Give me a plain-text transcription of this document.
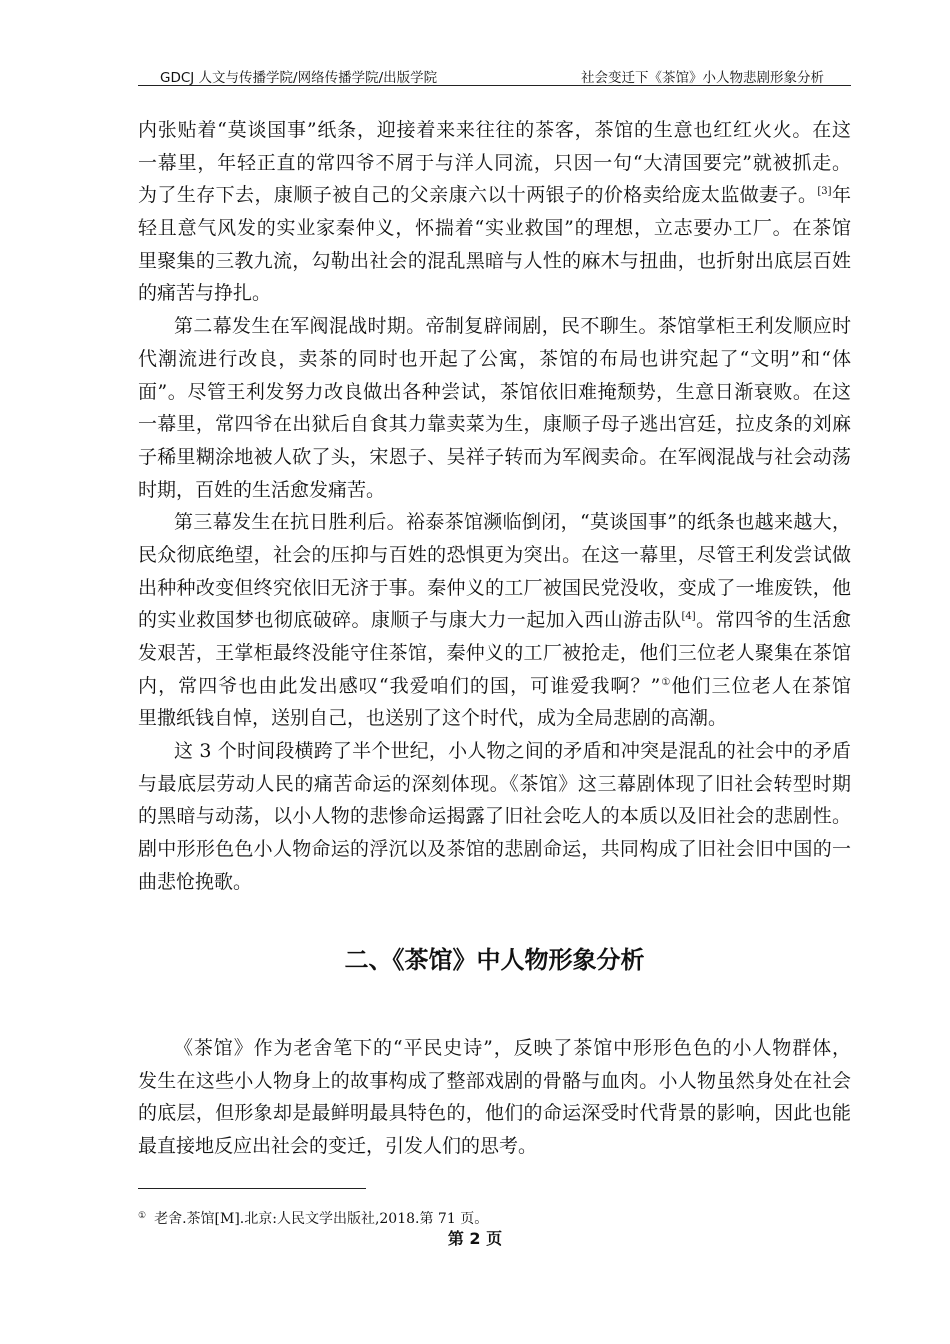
GDCJ 人文与传播学院/网络传播学院/出版学院	社会变迁下《茶馆》小人物悲剧形象分析
内张贴着“莫谈国事”纸条，迎接着来来往往的茶客，茶馆的生意也红红火火。在这
一幕里，年轻正直的常四爷不屑于与洋人同流，只因一句“大清国要完”就被抓走。
为了生存下去，康顺子被自己的父亲康六以十两银子的价格卖给庞太监做妻子。[3]年
轻且意气风发的实业家秦仲义，怀揣着“实业救国”的理想，立志要办工厂。在茶馆
里聚集的三教九流，勾勒出社会的混乱黑暗与人性的麻木与扭曲，也折射出底层百姓
的痛苦与挣扎。
第二幕发生在军阀混战时期。帝制复辟闹剧，民不聊生。茶馆掌柜王利发顺应时
代潮流进行改良，卖茶的同时也开起了公寓，茶馆的布局也讲究起了“文明”和“体
面”。尽管王利发努力改良做出各种尝试，茶馆依旧难掩颓势，生意日渐衰败。在这
一幕里，常四爷在出狱后自食其力靠卖菜为生，康顺子母子逃出宫廷，拉皮条的刘麻
子稀里糊涂地被人砍了头，宋恩子、吴祥子转而为军阀卖命。在军阀混战与社会动荡
时期，百姓的生活愈发痛苦。
第三幕发生在抗日胜利后。裕泰茶馆濒临倒闭，“莫谈国事”的纸条也越来越大，
民众彻底绝望，社会的压抑与百姓的恐惧更为突出。在这一幕里，尽管王利发尝试做
出种种改变但终究依旧无济于事。秦仲义的工厂被国民党没收，变成了一堆废铁，他
的实业救国梦也彻底破碎。康顺子与康大力一起加入西山游击队[4]。常四爷的生活愈
发艰苦，王掌柜最终没能守住茶馆，秦仲义的工厂被抢走，他们三位老人聚集在茶馆
内，常四爷也由此发出感叹“我爱咱们的国，可谁爱我啊？”①他们三位老人在茶馆
里撒纸钱自悼，送别自己，也送别了这个时代，成为全局悲剧的高潮。
这 3 个时间段横跨了半个世纪，小人物之间的矛盾和冲突是混乱的社会中的矛盾
与最底层劳动人民的痛苦命运的深刻体现。《茶馆》这三幕剧体现了旧社会转型时期
的黑暗与动荡，以小人物的悲惨命运揭露了旧社会吃人的本质以及旧社会的悲剧性。
剧中形形色色小人物命运的浮沉以及茶馆的悲剧命运，共同构成了旧社会旧中国的一
曲悲怆挽歌。
二、《茶馆》中人物形象分析
《茶馆》作为老舍笔下的“平民史诗”，反映了茶馆中形形色色的小人物群体，
发生在这些小人物身上的故事构成了整部戏剧的骨骼与血肉。小人物虽然身处在社会
的底层，但形象却是最鲜明最具特色的，他们的命运深受时代背景的影响，因此也能
最直接地反应出社会的变迁，引发人们的思考。
① 老舍.茶馆[M].北京:人民文学出版社,2018.第 71 页。
第 2 页
